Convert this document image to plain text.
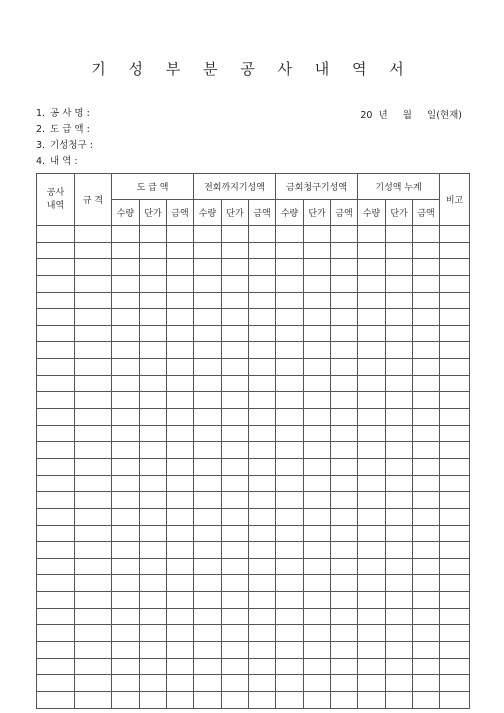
기 성 부 분 공 사 내 역 서
1. 공 사 명 :
2. 도 급 액 :
3. 기성청구 :
4. 내 역 :
20  년     월     일(현재)
공사
내역	규 격	도 급 액			전회까지기성액			금회청구기성액			기성액 누계			비고
		수량	단가	금액	수량	단가	금액	수량	단가	금액	수량	단가	금액	
